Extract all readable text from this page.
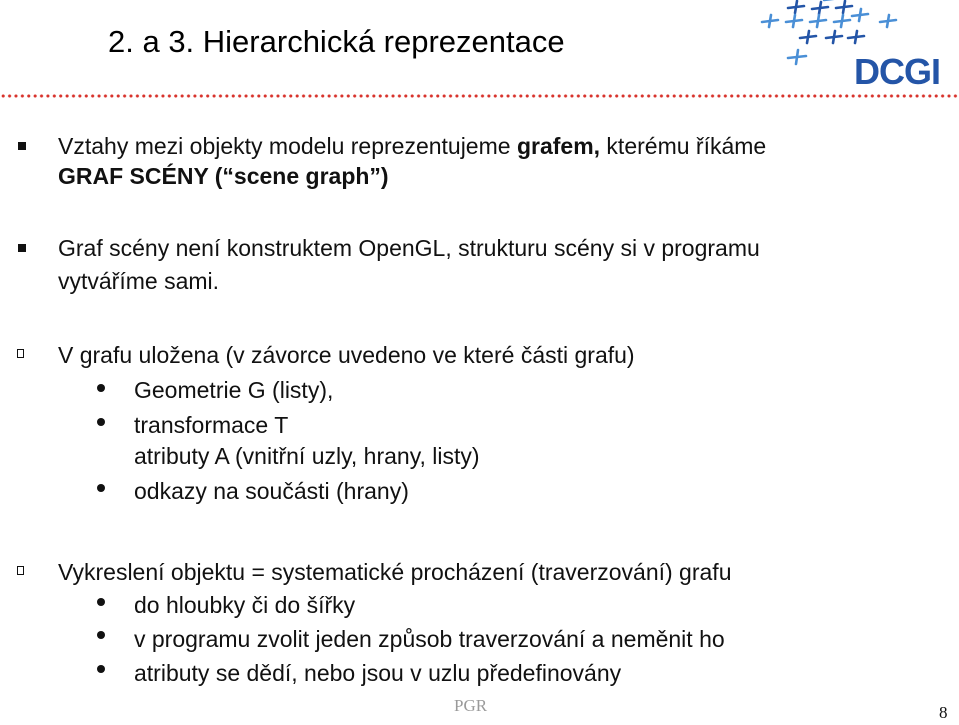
2. a 3. Hierarchická reprezentace
DCGI
Vztahy mezi objekty modelu reprezentujeme grafem, kterému říkáme
GRAF SCÉNY (“scene graph”)
Graf scény není konstruktem OpenGL, strukturu scény si v programu
vytváříme sami.
V grafu uložena (v závorce uvedeno ve které části grafu)
Geometrie G (listy),
transformace T
atributy A (vnitřní uzly, hrany, listy)
odkazy na součásti (hrany)
Vykreslení objektu = systematické procházení (traverzování) grafu
do hloubky či do šířky
v programu zvolit jeden způsob traverzování a neměnit ho
atributy se dědí, nebo jsou v uzlu předefinovány
PGR	8
